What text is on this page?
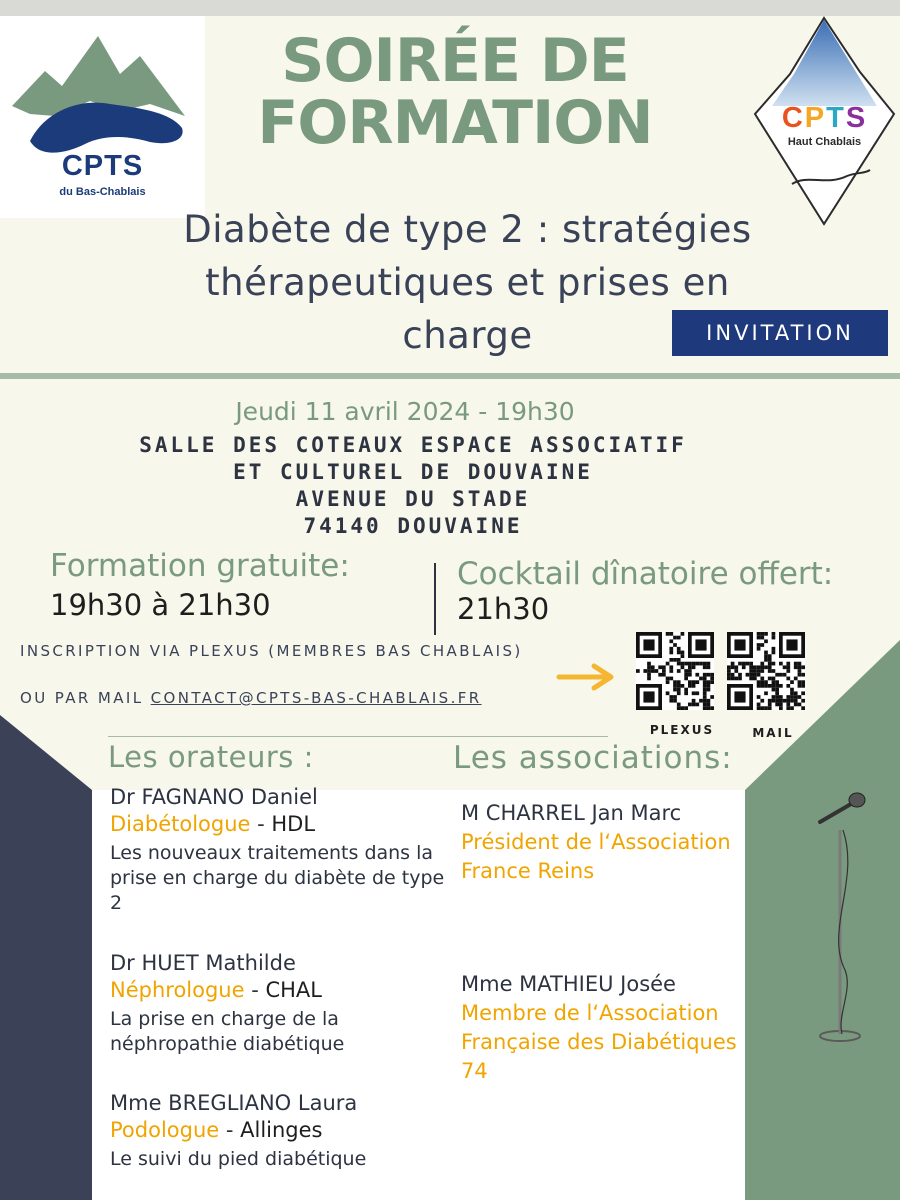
CPTS
du Bas-Chablais
CPTS
Haut Chablais
SOIRÉE DE
FORMATION
Diabète de type 2 : stratégies
thérapeutiques et prises en
charge	INVITATION
Jeudi 11 avril 2024 - 19h30
SALLE DES COTEAUX ESPACE ASSOCIATIF
ET CULTUREL DE DOUVAINE
AVENUE DU STADE
74140 DOUVAINE
Formation gratuite:
19h30 à 21h30
Cocktail dînatoire offert:
21h30
INSCRIPTION VIA PLEXUS (MEMBRES BAS CHABLAIS)
OU PAR MAIL CONTACT@CPTS-BAS-CHABLAIS.FR
PLEXUS	MAIL
Les orateurs :	Les associations:
Dr FAGNANO Daniel
Diabétologue - HDL
Les nouveaux traitements dans la prise en charge du diabète de type 2
Dr HUET Mathilde
Néphrologue - CHAL
La prise en charge de la néphropathie diabétique
Mme BREGLIANO Laura
Podologue - Allinges
Le suivi du pied diabétique
M CHARREL Jan Marc
Président de l‘Association France Reins
Mme MATHIEU Josée
Membre de l‘Association Française des Diabétiques 74
